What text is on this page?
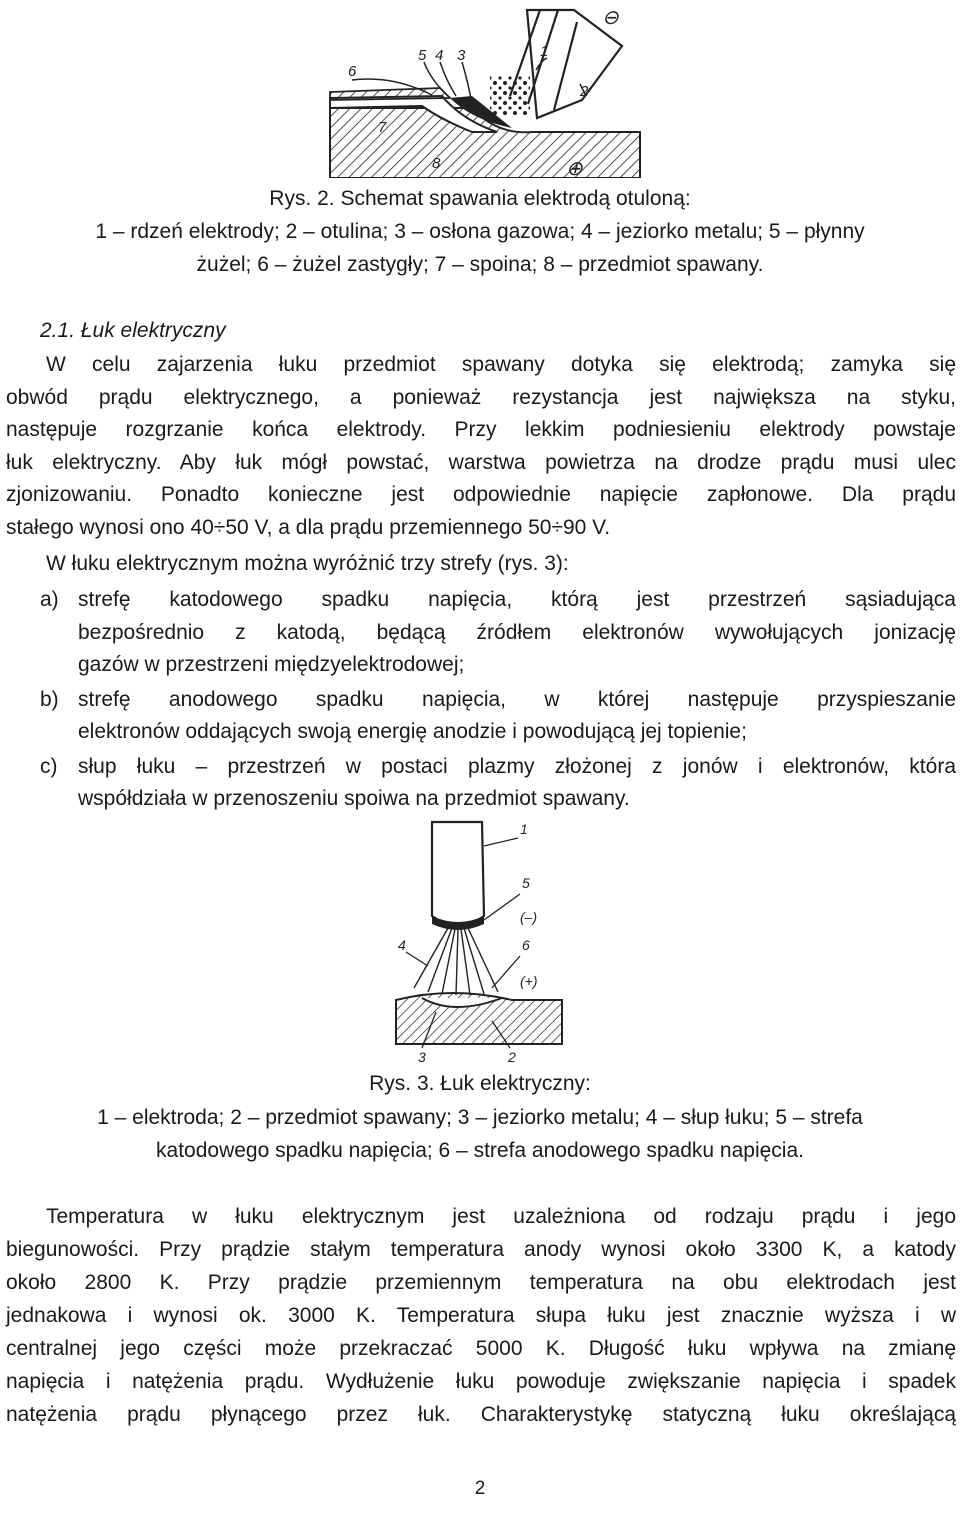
1
2
3
4
5
6
7
8
⊖
⊕
Rys. 2. Schemat spawania elektrodą otuloną:
1 – rdzeń elektrody; 2 – otulina; 3 – osłona gazowa; 4 – jeziorko metalu; 5 – płynny
żużel; 6 – żużel zastygły; 7 – spoina; 8 – przedmiot spawany.
2.1. Łuk elektryczny
W celu zajarzenia łuku przedmiot spawany dotyka się elektrodą; zamyka się
obwód prądu elektrycznego, a ponieważ rezystancja jest największa na styku,
następuje rozgrzanie końca elektrody. Przy lekkim podniesieniu elektrody powstaje
łuk elektryczny. Aby łuk mógł powstać, warstwa powietrza na drodze prądu musi ulec
zjonizowaniu. Ponadto konieczne jest odpowiednie napięcie zapłonowe. Dla prądu
stałego wynosi ono 40÷50 V, a dla prądu przemiennego 50÷90 V.
W łuku elektrycznym można wyróżnić trzy strefy (rys. 3):
a) strefę katodowego spadku napięcia, którą jest przestrzeń sąsiadująca
bezpośrednio z katodą, będącą źródłem elektronów wywołujących jonizację
gazów w przestrzeni międzyelektrodowej;
b) strefę anodowego spadku napięcia, w której następuje przyspieszanie
elektronów oddających swoją energię anodzie i powodującą jej topienie;
c) słup łuku – przestrzeń w postaci plazmy złożonej z jonów i elektronów, która
współdziała w przenoszeniu spoiwa na przedmiot spawany.
1
5
(–)
6
(+)
4
3	2
Rys. 3. Łuk elektryczny:
1 – elektroda; 2 – przedmiot spawany; 3 – jeziorko metalu; 4 – słup łuku; 5 – strefa
katodowego spadku napięcia; 6 – strefa anodowego spadku napięcia.
Temperatura w łuku elektrycznym jest uzależniona od rodzaju prądu i jego
biegunowości. Przy prądzie stałym temperatura anody wynosi około 3300 K, a katody
około 2800 K. Przy prądzie przemiennym temperatura na obu elektrodach jest
jednakowa i wynosi ok. 3000 K. Temperatura słupa łuku jest znacznie wyższa i w
centralnej jego części może przekraczać 5000 K. Długość łuku wpływa na zmianę
napięcia i natężenia prądu. Wydłużenie łuku powoduje zwiększanie napięcia i spadek
natężenia prądu płynącego przez łuk. Charakterystykę statyczną łuku określającą
2
